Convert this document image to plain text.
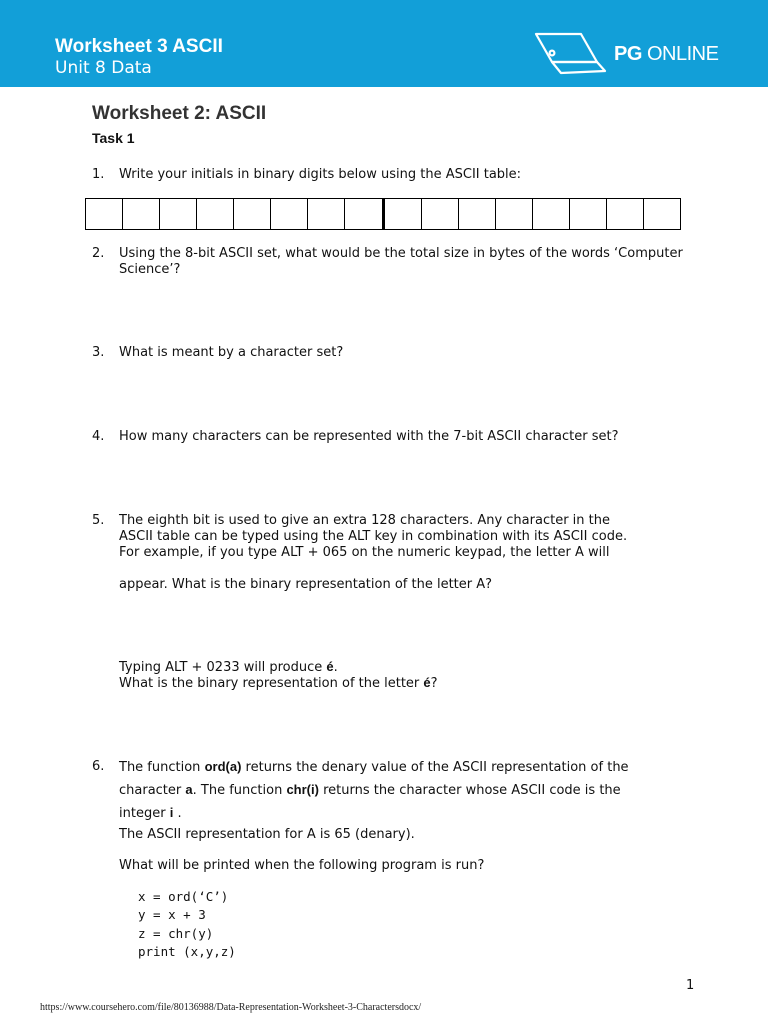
Worksheet 3 ASCII
Unit 8 Data
PG ONLINE
Worksheet 2: ASCII
Task 1
1. Write your initials in binary digits below using the ASCII table:
2. Using the 8-bit ASCII set, what would be the total size in bytes of the words ‘Computer Science’?
3. What is meant by a character set?
4. How many characters can be represented with the 7-bit ASCII character set?
5. The eighth bit is used to give an extra 128 characters. Any character in the
ASCII table can be typed using the ALT key in combination with its ASCII code.
For example, if you type ALT + 065 on the numeric keypad, the letter A will
appear. What is the binary representation of the letter A?
Typing ALT + 0233 will produce é.
What is the binary representation of the letter é?
6. The function ord(a) returns the denary value of the ASCII representation of the
character a. The function chr(i) returns the character whose ASCII code is the
integer i .
The ASCII representation for A is 65 (denary).
What will be printed when the following program is run?
x = ord(‘C’)
y = x + 3
z = chr(y)
print (x,y,z)
1
https://www.coursehero.com/file/80136988/Data-Representation-Worksheet-3-Charactersdocx/
